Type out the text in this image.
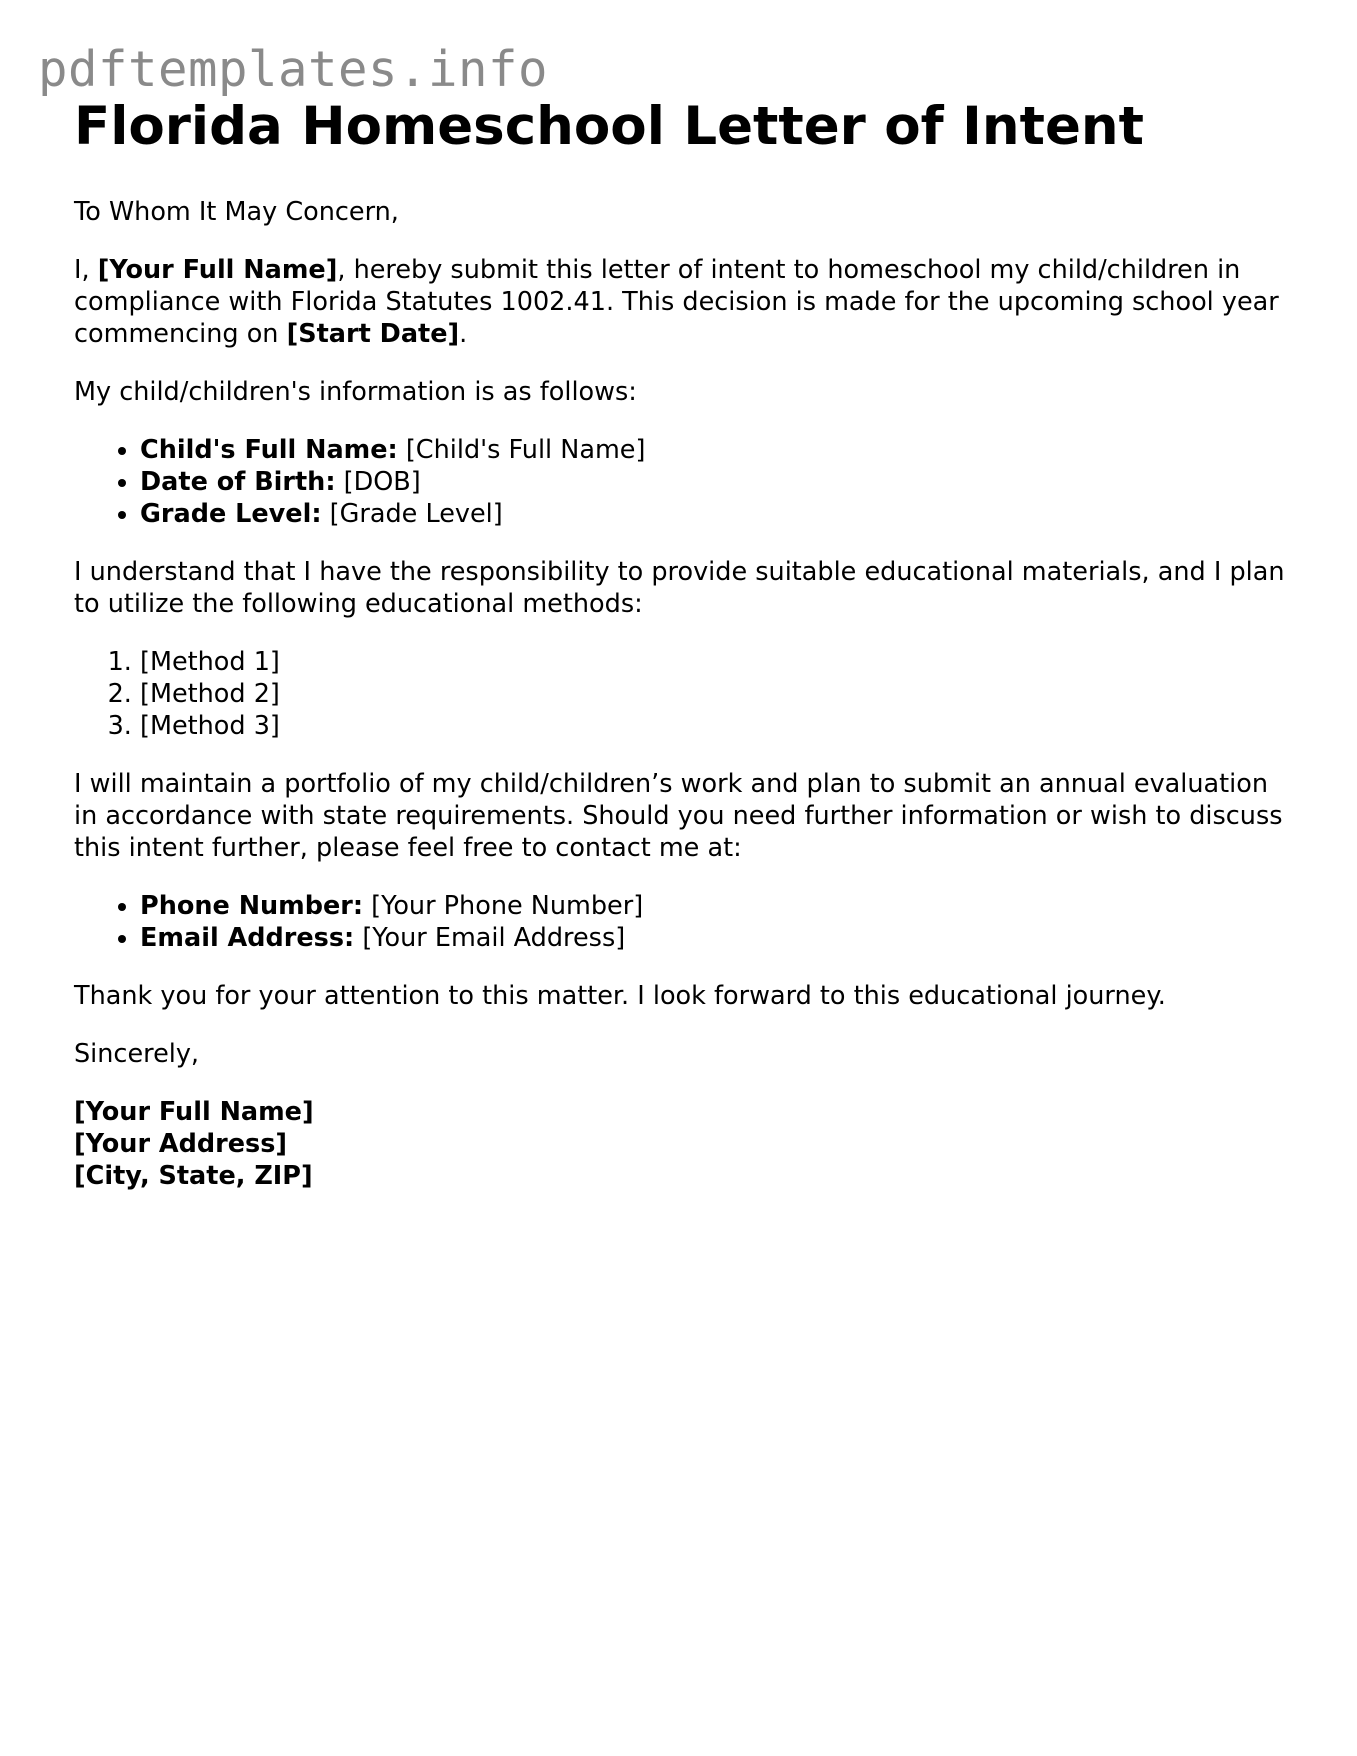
pdftemplates.info
Florida Homeschool Letter of Intent

To Whom It May Concern,

I, [Your Full Name], hereby submit this letter of intent to homeschool my child/children in compliance with Florida Statutes 1002.41. This decision is made for the upcoming school year commencing on [Start Date].

My child/children's information is as follows:

• Child's Full Name: [Child's Full Name]
• Date of Birth: [DOB]
• Grade Level: [Grade Level]

I understand that I have the responsibility to provide suitable educational materials, and I plan to utilize the following educational methods:

1. [Method 1]
2. [Method 2]
3. [Method 3]

I will maintain a portfolio of my child/children’s work and plan to submit an annual evaluation in accordance with state requirements. Should you need further information or wish to discuss this intent further, please feel free to contact me at:

• Phone Number: [Your Phone Number]
• Email Address: [Your Email Address]

Thank you for your attention to this matter. I look forward to this educational journey.

Sincerely,

[Your Full Name]
[Your Address]
[City, State, ZIP]
